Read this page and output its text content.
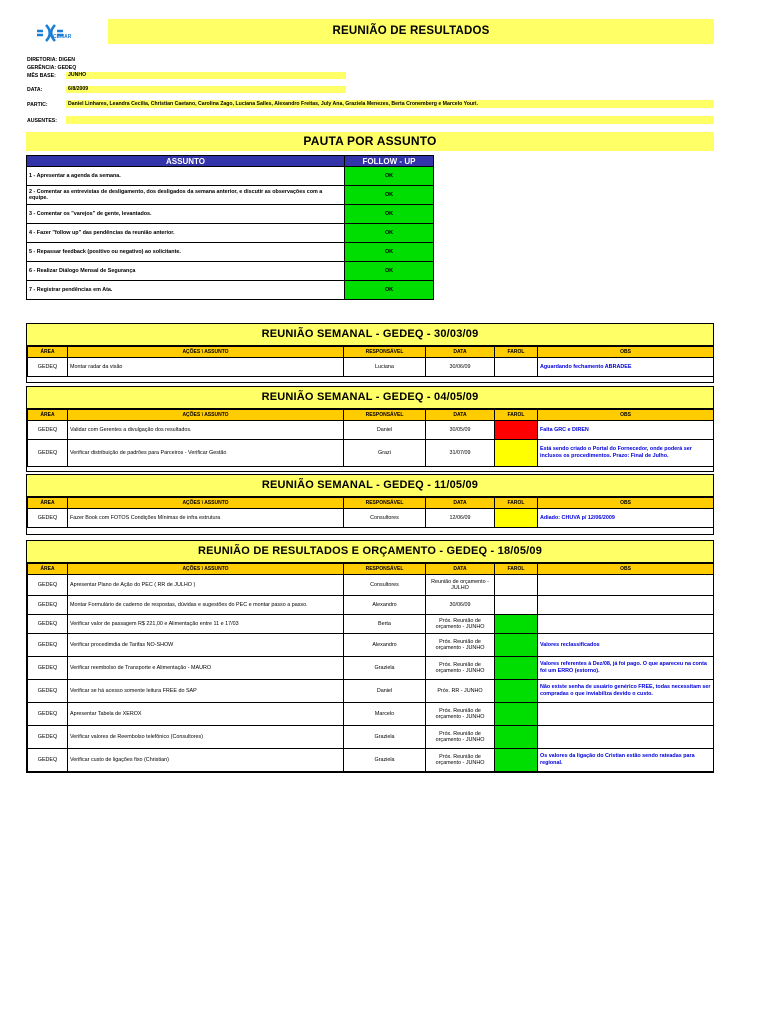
CEMAR	REUNIÃO DE RESULTADOS
DIRETORIA: DIGEN
GERÊNCIA: GEDEQ
MÊS BASE:	JUNHO
DATA:	6/8/2009
PARTIC:	Daniel Linhares, Leandra Cecília, Christian Caetano, Carolina Zago, Luciana Salles, Alexandro Freitas, July Ana, Graziela Menezes, Berta Cronemberg e Marcelo Youri.
AUSENTES:
PAUTA POR ASSUNTO
ASSUNTO	FOLLOW - UP
1 - Apresentar a agenda da semana.	OK
2 - Comentar as entrevistas de desligamento, dos desligados da semana anterior, e discutir as observações com a equipe.	OK
3 - Comentar os "varejos" de gente, levantados.	OK
4 - Fazer "follow up" das pendências da reunião anterior.	OK
5 - Repassar feedback (positivo ou negativo) ao solicitante.	OK
6 - Realizar Diálogo Mensal de Segurança	OK
7 - Registrar pendências em Ata.	OK
REUNIÃO SEMANAL - GEDEQ - 30/03/09
ÁREA	AÇÕES \ ASSUNTO	RESPONSÁVEL	DATA	FAROL	OBS
GEDEQ	Montar radar da visão	Luciana	30/06/09		Aguardando fechamento ABRADEE
REUNIÃO SEMANAL - GEDEQ - 04/05/09
ÁREA	AÇÕES \ ASSUNTO	RESPONSÁVEL	DATA	FAROL	OBS
GEDEQ	Validar com Gerentes a divulgação dos resultados.	Daniel	30/05/09		Falta GRC e DIREN
GEDEQ	Verificar distribuição de padrões para Parceiros - Verificar Gestão	Grazi	31/07/09		Está sendo criado o Portal do Fornecedor, onde poderá ser inclusos os procedimentos. Prazo: Final de Julho.
REUNIÃO SEMANAL - GEDEQ - 11/05/09
ÁREA	AÇÕES \ ASSUNTO	RESPONSÁVEL	DATA	FAROL	OBS
GEDEQ	Fazer Book com FOTOS Condições Mínimas de infra estrutura	Consultores	12/06/09		Adiado: CHUVA p/ 12/06/2009
REUNIÃO DE RESULTADOS E ORÇAMENTO - GEDEQ - 18/05/09
ÁREA	AÇÕES \ ASSUNTO	RESPONSÁVEL	DATA	FAROL	OBS
GEDEQ	Apresentar Plano de Ação do PEC ( RR de JULHO )	Consultores	Reunião de orçamento - JULHO		
GEDEQ	Montar Formulário de caderno de respostas, dúvidas e sugestões do PEC e montar passo a passo.	Alexandro	30/06/09		
GEDEQ	Verificar valor de passagem R$ 221,00 e Alimentação entre 11 e 17/03	Berta	Próx. Reunião de orçamento - JUNHO		
GEDEQ	Verificar procedimdia de Tarifas NO-SHOW	Alexandro	Próx. Reunião de orçamento - JUNHO		Valores reclassificados
GEDEQ	Verificar reembolso de Transporte e Alimentação - MAURO	Graziela	Próx. Reunião de orçamento - JUNHO		Valores referentes à Dez/08, já foi pago. O que apareceu na conta foi um ERRO (estorno).
GEDEQ	Verificar se há acesso somente leitura FREE do SAP	Daniel	Próx. RR - JUNHO		Não existe senha de usuário genérico FREE, todas necessitam ser compradas o que inviabiliza devido o custo.
GEDEQ	Apresentar Tabela de XEROX	Marcelo	Próx. Reunião de orçamento - JUNHO		
GEDEQ	Verificar valores de Reembolso telefônico (Consultores)	Graziela	Próx. Reunião de orçamento - JUNHO		
GEDEQ	Verificar custo de ligações fixo (Christian)	Graziela	Próx. Reunião de orçamento - JUNHO		Os valores da ligação do Cristian estão sendo rateadas para regional.
